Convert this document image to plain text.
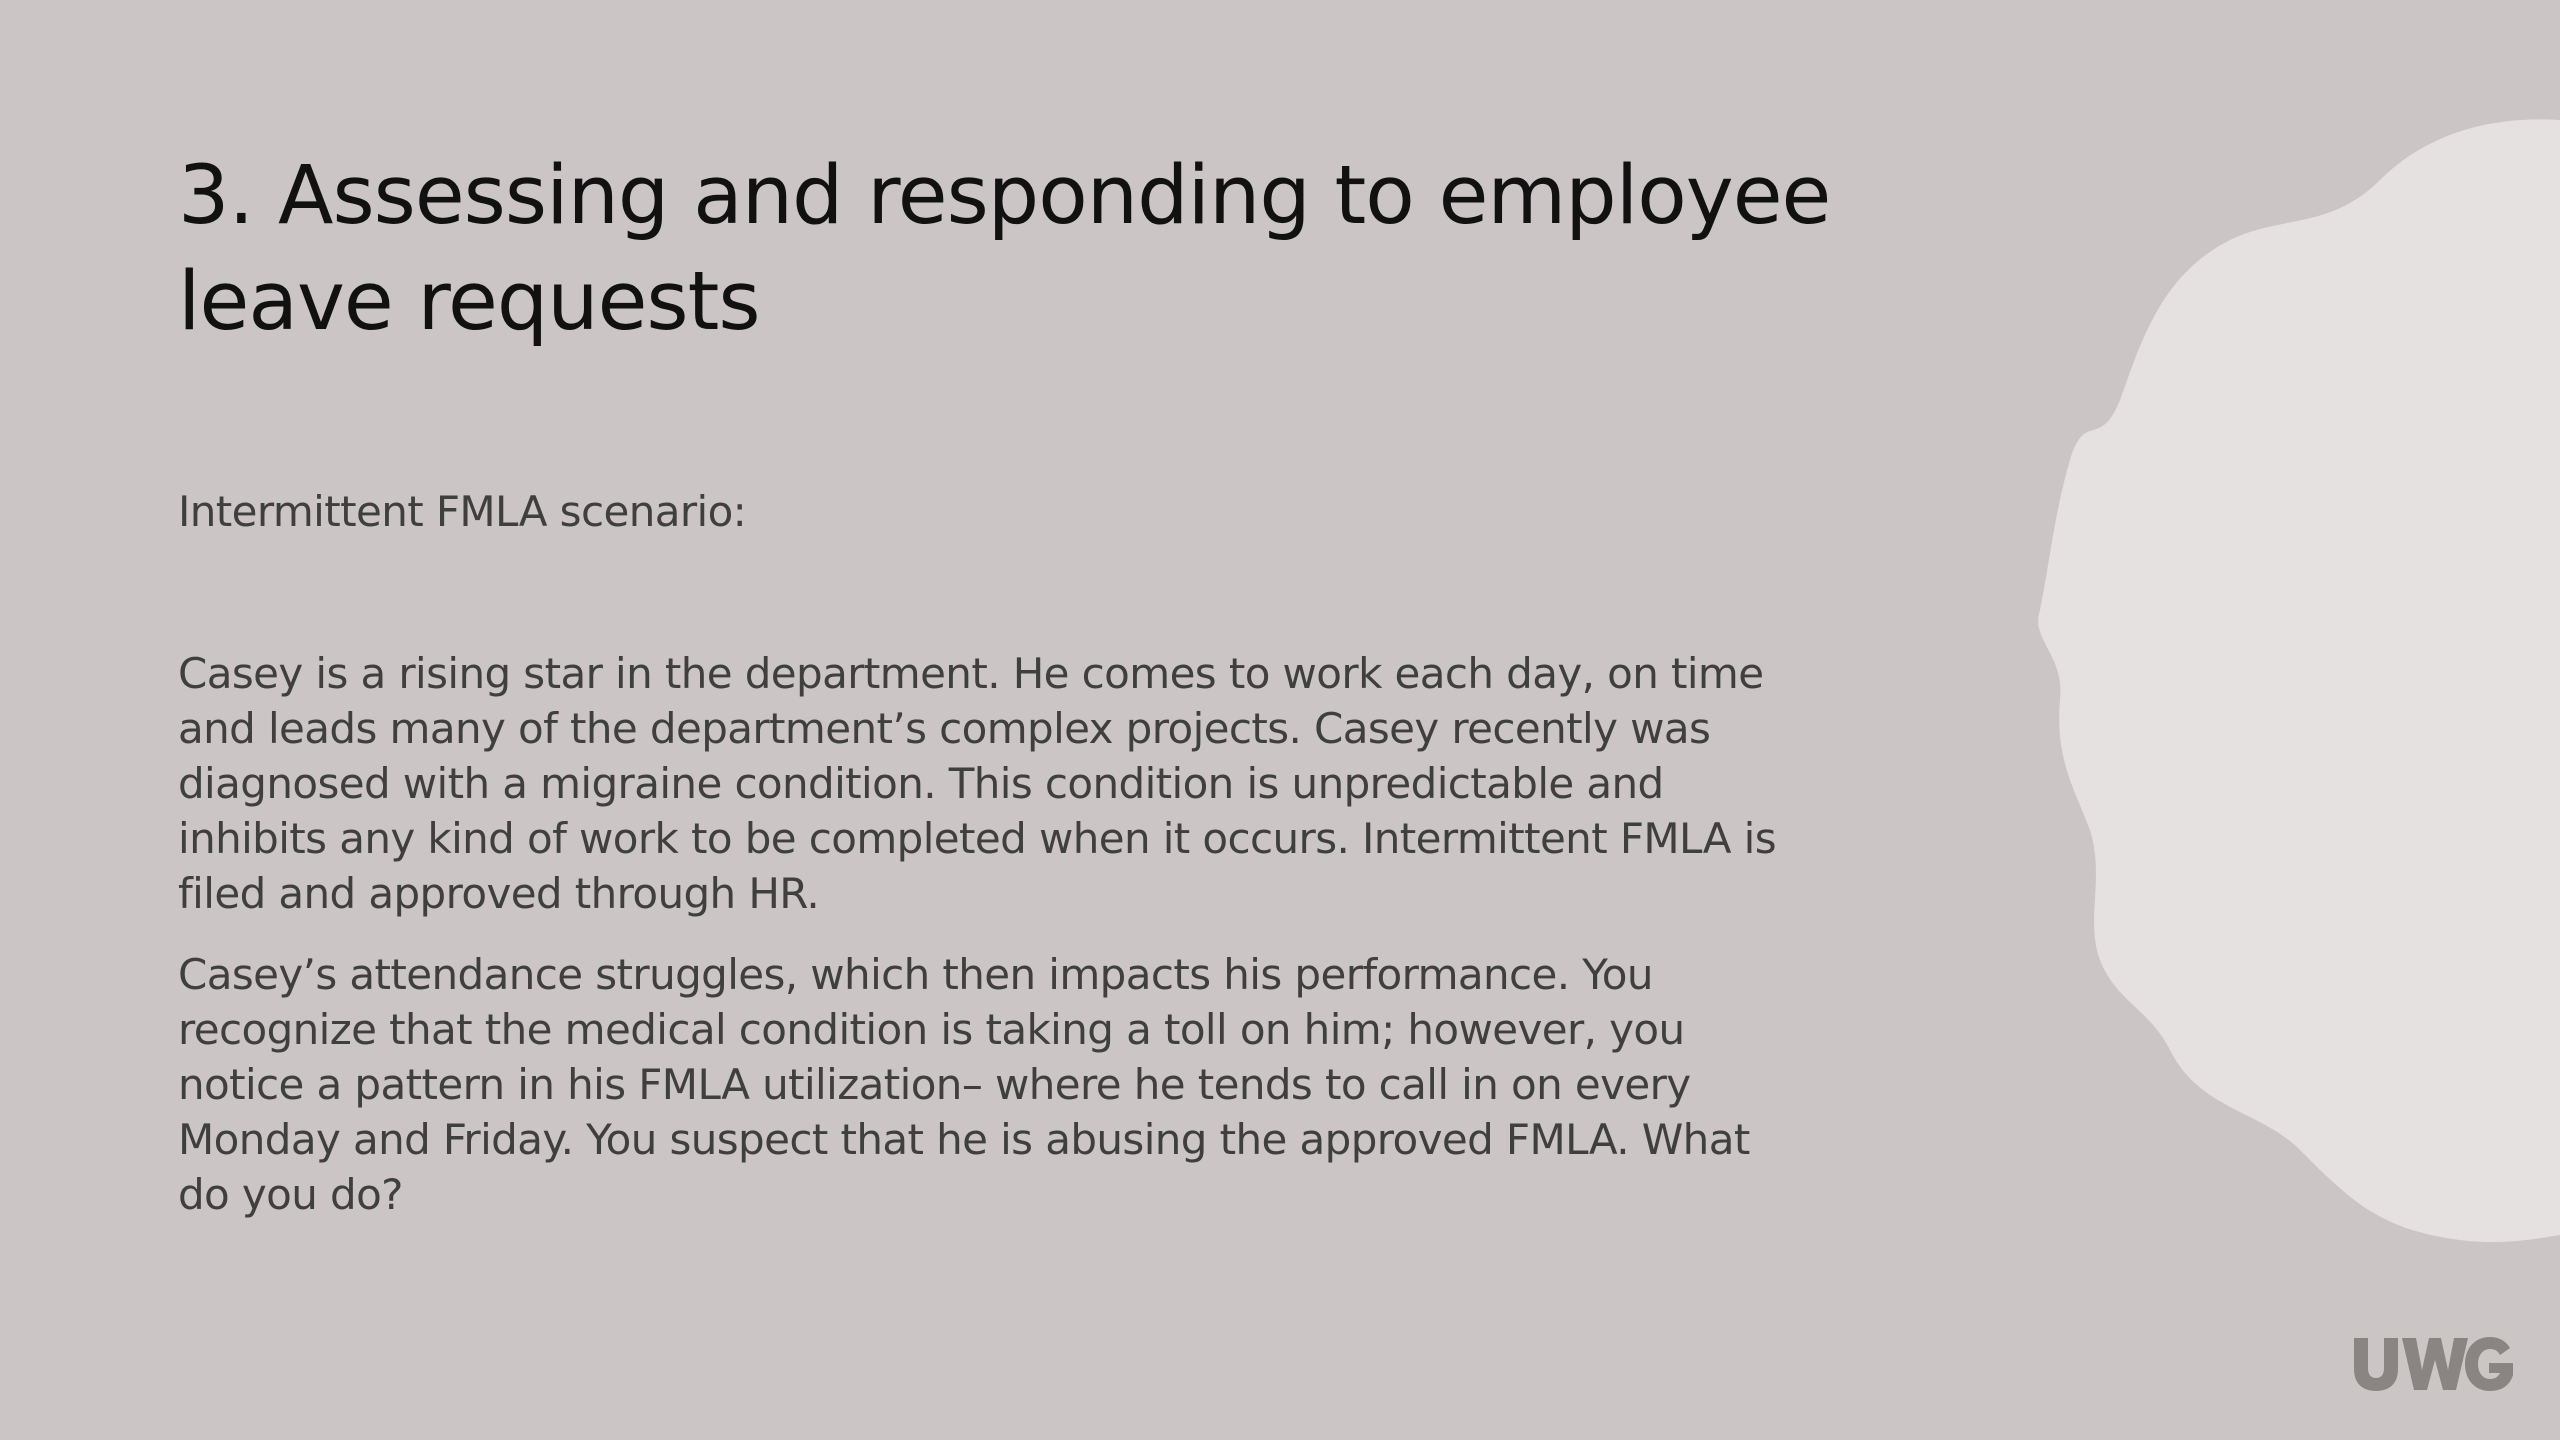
3. Assessing and responding to employee leave requests

Intermittent FMLA scenario:

Casey is a rising star in the department. He comes to work each day, on time and leads many of the department’s complex projects. Casey recently was diagnosed with a migraine condition. This condition is unpredictable and inhibits any kind of work to be completed when it occurs. Intermittent FMLA is filed and approved through HR.

Casey’s attendance struggles, which then impacts his performance. You recognize that the medical condition is taking a toll on him; however, you notice a pattern in his FMLA utilization– where he tends to call in on every Monday and Friday. You suspect that he is abusing the approved FMLA. What do you do?
